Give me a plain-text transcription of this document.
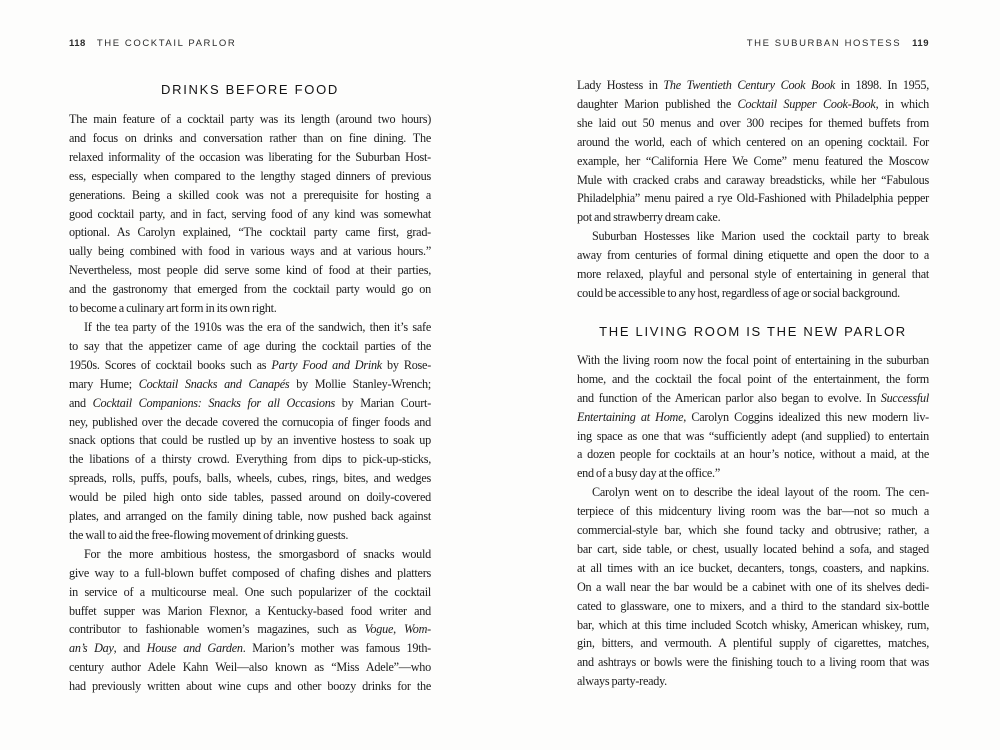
118 THE COCKTAIL PARLOR
DRINKS BEFORE FOOD
The main feature of a cocktail party was its length (around two hours)
and focus on drinks and conversation rather than on fine dining. The
relaxed informality of the occasion was liberating for the Suburban Host-
ess, especially when compared to the lengthy staged dinners of previous
generations. Being a skilled cook was not a prerequisite for hosting a
good cocktail party, and in fact, serving food of any kind was somewhat
optional. As Carolyn explained, “The cocktail party came first, grad-
ually being combined with food in various ways and at various hours.”
Nevertheless, most people did serve some kind of food at their parties,
and the gastronomy that emerged from the cocktail party would go on
to become a culinary art form in its own right.
If the tea party of the 1910s was the era of the sandwich, then it’s safe
to say that the appetizer came of age during the cocktail parties of the
1950s. Scores of cocktail books such as Party Food and Drink by Rose-
mary Hume; Cocktail Snacks and Canapés by Mollie Stanley-Wrench;
and Cocktail Companions: Snacks for all Occasions by Marian Court-
ney, published over the decade covered the cornucopia of finger foods and
snack options that could be rustled up by an inventive hostess to soak up
the libations of a thirsty crowd. Everything from dips to pick-up-sticks,
spreads, rolls, puffs, poufs, balls, wheels, cubes, rings, bites, and wedges
would be piled high onto side tables, passed around on doily-covered
plates, and arranged on the family dining table, now pushed back against
the wall to aid the free-flowing movement of drinking guests.
For the more ambitious hostess, the smorgasbord of snacks would
give way to a full-blown buffet composed of chafing dishes and platters
in service of a multicourse meal. One such popularizer of the cocktail
buffet supper was Marion Flexnor, a Kentucky-based food writer and
contributor to fashionable women’s magazines, such as Vogue, Wom-
an’s Day, and House and Garden. Marion’s mother was famous 19th-
century author Adele Kahn Weil—also known as “Miss Adele”—who
had previously written about wine cups and other boozy drinks for the
THE SUBURBAN HOSTESS 119
Lady Hostess in The Twentieth Century Cook Book in 1898. In 1955,
daughter Marion published the Cocktail Supper Cook-Book, in which
she laid out 50 menus and over 300 recipes for themed buffets from
around the world, each of which centered on an opening cocktail. For
example, her “California Here We Come” menu featured the Moscow
Mule with cracked crabs and caraway breadsticks, while her “Fabulous
Philadelphia” menu paired a rye Old-Fashioned with Philadelphia pepper
pot and strawberry dream cake.
Suburban Hostesses like Marion used the cocktail party to break
away from centuries of formal dining etiquette and open the door to a
more relaxed, playful and personal style of entertaining in general that
could be accessible to any host, regardless of age or social background.
THE LIVING ROOM IS THE NEW PARLOR
With the living room now the focal point of entertaining in the suburban
home, and the cocktail the focal point of the entertainment, the form
and function of the American parlor also began to evolve. In Successful
Entertaining at Home, Carolyn Coggins idealized this new modern liv-
ing space as one that was “sufficiently adept (and supplied) to entertain
a dozen people for cocktails at an hour’s notice, without a maid, at the
end of a busy day at the office.”
Carolyn went on to describe the ideal layout of the room. The cen-
terpiece of this midcentury living room was the bar—not so much a
commercial-style bar, which she found tacky and obtrusive; rather, a
bar cart, side table, or chest, usually located behind a sofa, and staged
at all times with an ice bucket, decanters, tongs, coasters, and napkins.
On a wall near the bar would be a cabinet with one of its shelves dedi-
cated to glassware, one to mixers, and a third to the standard six-bottle
bar, which at this time included Scotch whisky, American whiskey, rum,
gin, bitters, and vermouth. A plentiful supply of cigarettes, matches,
and ashtrays or bowls were the finishing touch to a living room that was
always party-ready.
